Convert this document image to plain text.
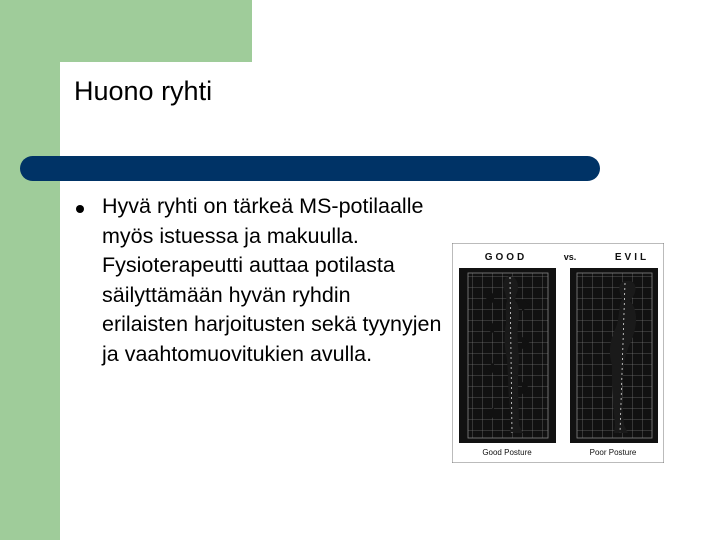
Huono ryhti

Hyvä ryhti on tärkeä MS-potilaalle myös istuessa ja makuulla. Fysioterapeutti auttaa potilasta säilyttämään hyvän ryhdin erilaisten harjoitusten sekä tyynyjen ja vaahtomuovitukien avulla.

GOOD	vs.	EVIL
Good Posture	Poor Posture
